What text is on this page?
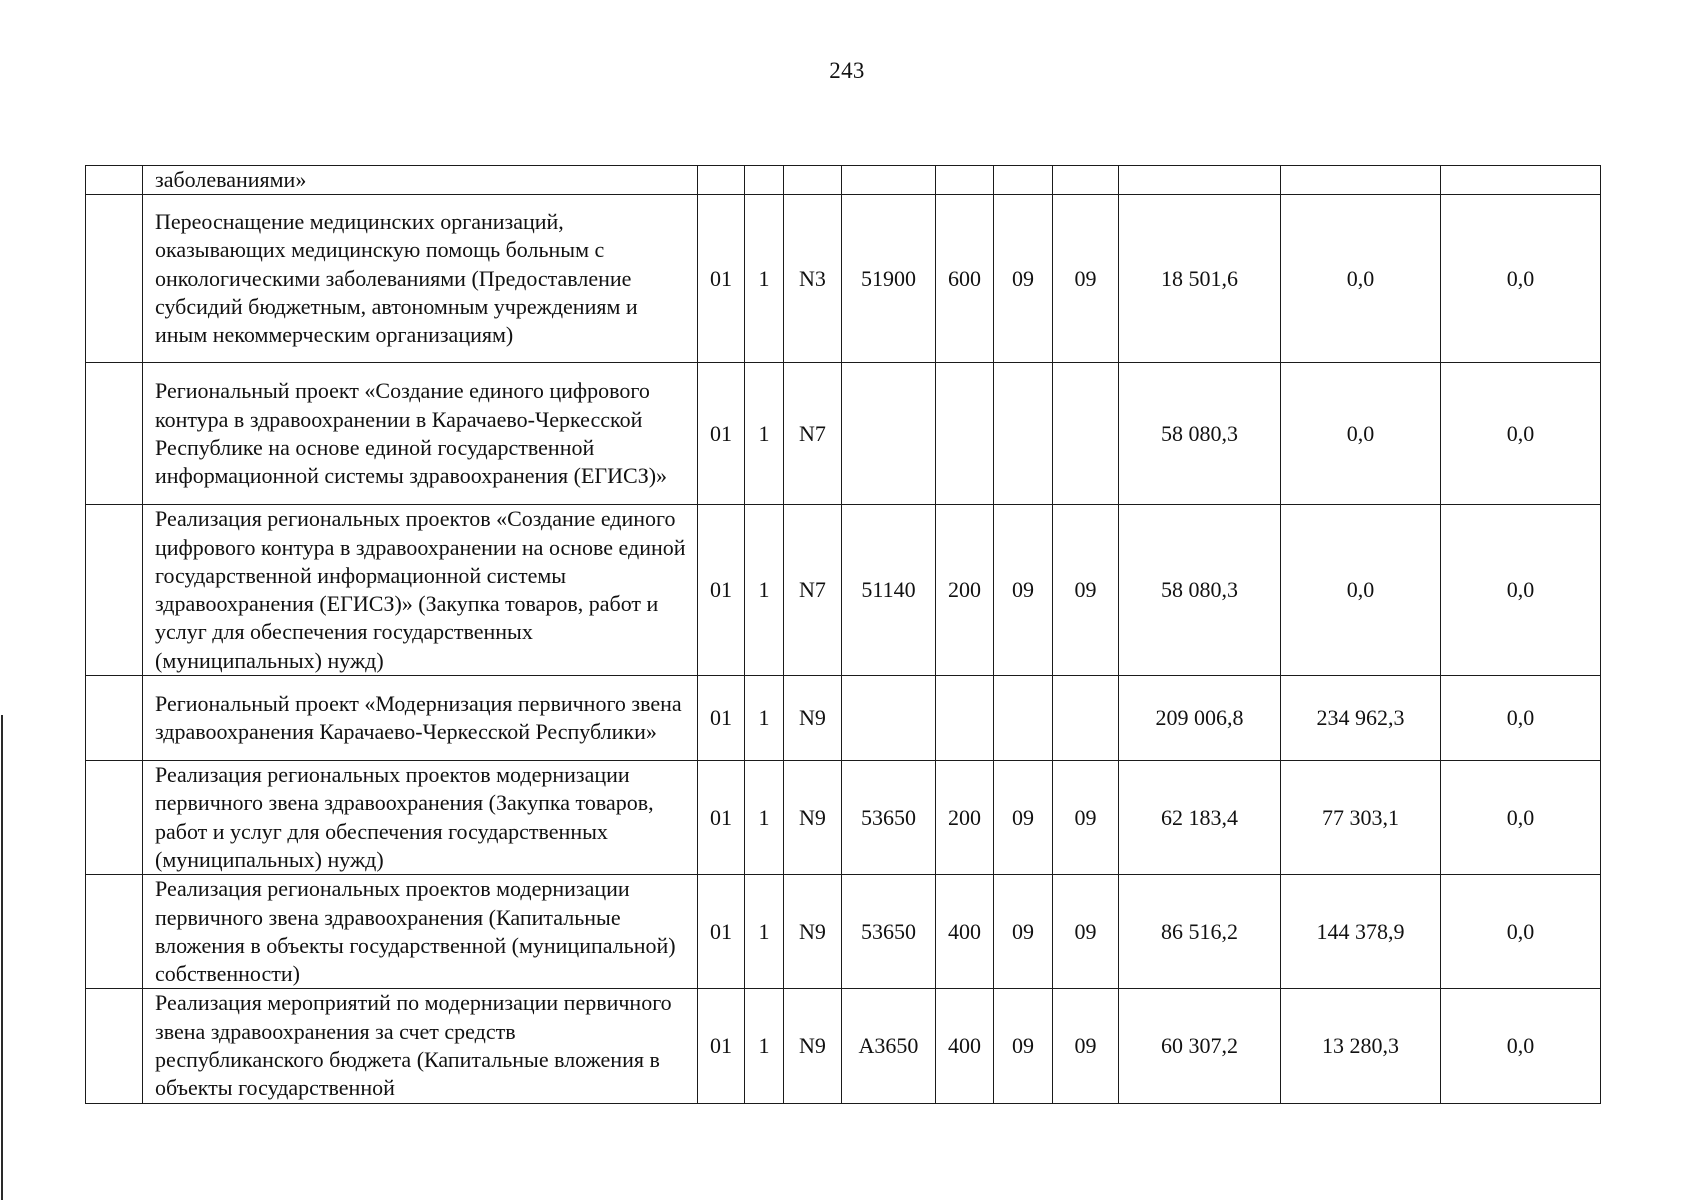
243
	заболеваниями»										
	Переоснащение медицинских организаций, оказывающих медицинскую помощь больным с онкологическими заболеваниями (Предоставление субсидий бюджетным, автономным учреждениям и иным некоммерческим организациям)	01	1	N3	51900	600	09	09	18 501,6	0,0	0,0
	Региональный проект «Создание единого цифрового контура в здравоохранении в Карачаево-Черкесской Республике на основе единой государственной информационной системы здравоохранения (ЕГИСЗ)»	01	1	N7					58 080,3	0,0	0,0
	Реализация региональных проектов «Создание единого цифрового контура в здравоохранении на основе единой государственной информационной системы здравоохранения (ЕГИСЗ)» (Закупка товаров, работ и услуг для обеспечения государственных (муниципальных) нужд)	01	1	N7	51140	200	09	09	58 080,3	0,0	0,0
	Региональный проект «Модернизация первичного звена здравоохранения Карачаево-Черкесской Республики»	01	1	N9					209 006,8	234 962,3	0,0
	Реализация региональных проектов модернизации первичного звена здравоохранения (Закупка товаров, работ и услуг для обеспечения государственных (муниципальных) нужд)	01	1	N9	53650	200	09	09	62 183,4	77 303,1	0,0
	Реализация региональных проектов модернизации первичного звена здравоохранения (Капитальные вложения в объекты государственной (муниципальной) собственности)	01	1	N9	53650	400	09	09	86 516,2	144 378,9	0,0
	Реализация мероприятий по модернизации первичного звена здравоохранения за счет средств республиканского бюджета (Капитальные вложения в объекты государственной	01	1	N9	А3650	400	09	09	60 307,2	13 280,3	0,0
